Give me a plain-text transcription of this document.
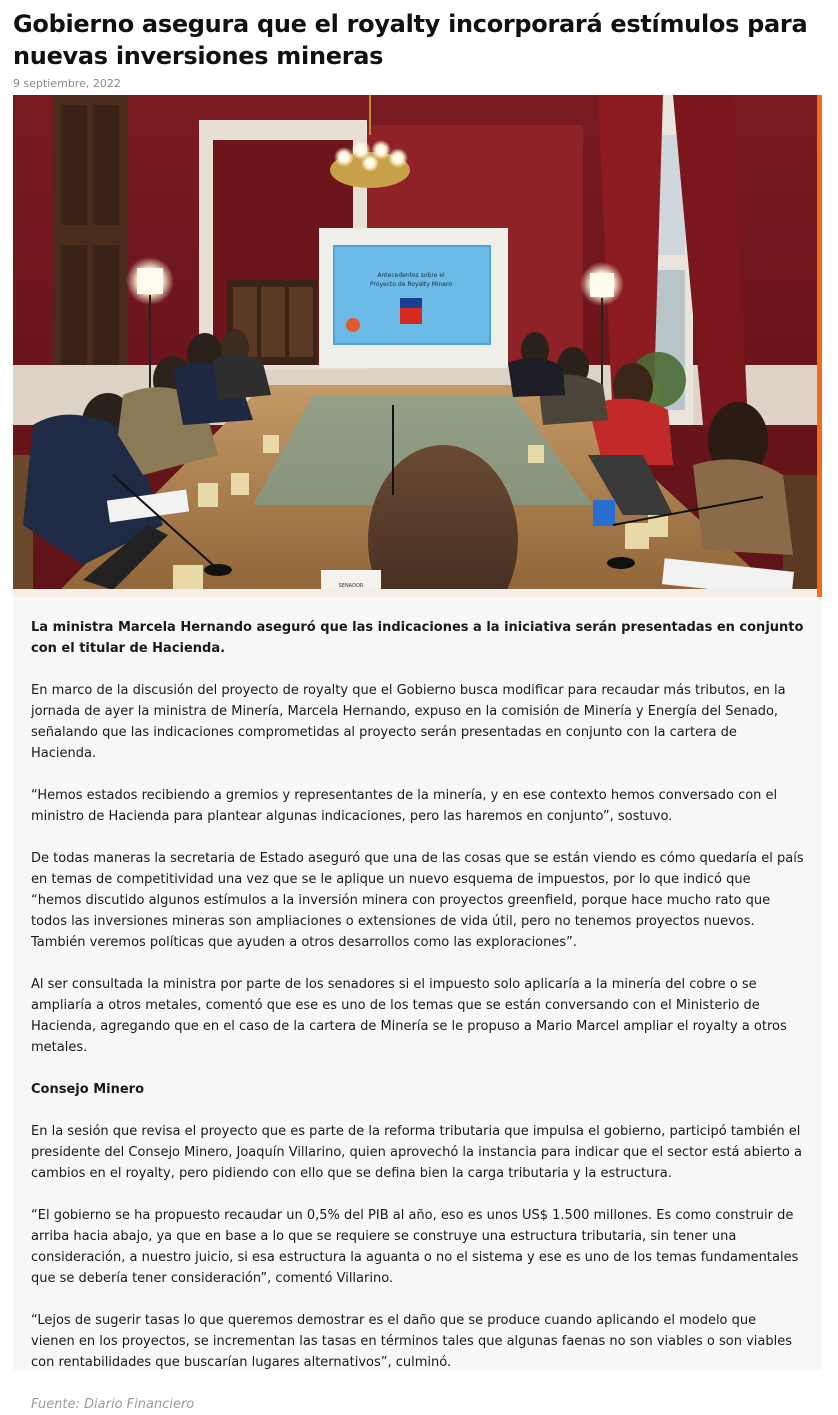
Gobierno asegura que el royalty incorporará estímulos para nuevas inversiones mineras
9 septiembre, 2022
Antecedentes sobre el
Proyecto de Royalty Minero
SENADOR

La ministra Marcela Hernando aseguró que las indicaciones a la iniciativa serán presentadas en conjunto con el titular de Hacienda.

En marco de la discusión del proyecto de royalty que el Gobierno busca modificar para recaudar más tributos, en la jornada de ayer la ministra de Minería, Marcela Hernando, expuso en la comisión de Minería y Energía del Senado, señalando que las indicaciones comprometidas al proyecto serán presentadas en conjunto con la cartera de Hacienda.

“Hemos estados recibiendo a gremios y representantes de la minería, y en ese contexto hemos conversado con el ministro de Hacienda para plantear algunas indicaciones, pero las haremos en conjunto”, sostuvo.

De todas maneras la secretaria de Estado aseguró que una de las cosas que se están viendo es cómo quedaría el país en temas de competitividad una vez que se le aplique un nuevo esquema de impuestos, por lo que indicó que “hemos discutido algunos estímulos a la inversión minera con proyectos greenfield, porque hace mucho rato que todos las inversiones mineras son ampliaciones o extensiones de vida útil, pero no tenemos proyectos nuevos. También veremos políticas que ayuden a otros desarrollos como las exploraciones”.

Al ser consultada la ministra por parte de los senadores si el impuesto solo aplicaría a la minería del cobre o se ampliaría a otros metales, comentó que ese es uno de los temas que se están conversando con el Ministerio de Hacienda, agregando que en el caso de la cartera de Minería se le propuso a Mario Marcel ampliar el royalty a otros metales.

Consejo Minero

En la sesión que revisa el proyecto que es parte de la reforma tributaria que impulsa el gobierno, participó también el presidente del Consejo Minero, Joaquín Villarino, quien aprovechó la instancia para indicar que el sector está abierto a cambios en el royalty, pero pidiendo con ello que se defina bien la carga tributaria y la estructura.

“El gobierno se ha propuesto recaudar un 0,5% del PIB al año, eso es unos US$ 1.500 millones. Es como construir de arriba hacia abajo, ya que en base a lo que se requiere se construye una estructura tributaria, sin tener una consideración, a nuestro juicio, si esa estructura la aguanta o no el sistema y ese es uno de los temas fundamentales que se debería tener consideración”, comentó Villarino.

“Lejos de sugerir tasas lo que queremos demostrar es el daño que se produce cuando aplicando el modelo que vienen en los proyectos, se incrementan las tasas en términos tales que algunas faenas no son viables o son viables con rentabilidades que buscarían lugares alternativos”, culminó.

Fuente: Diario Financiero
